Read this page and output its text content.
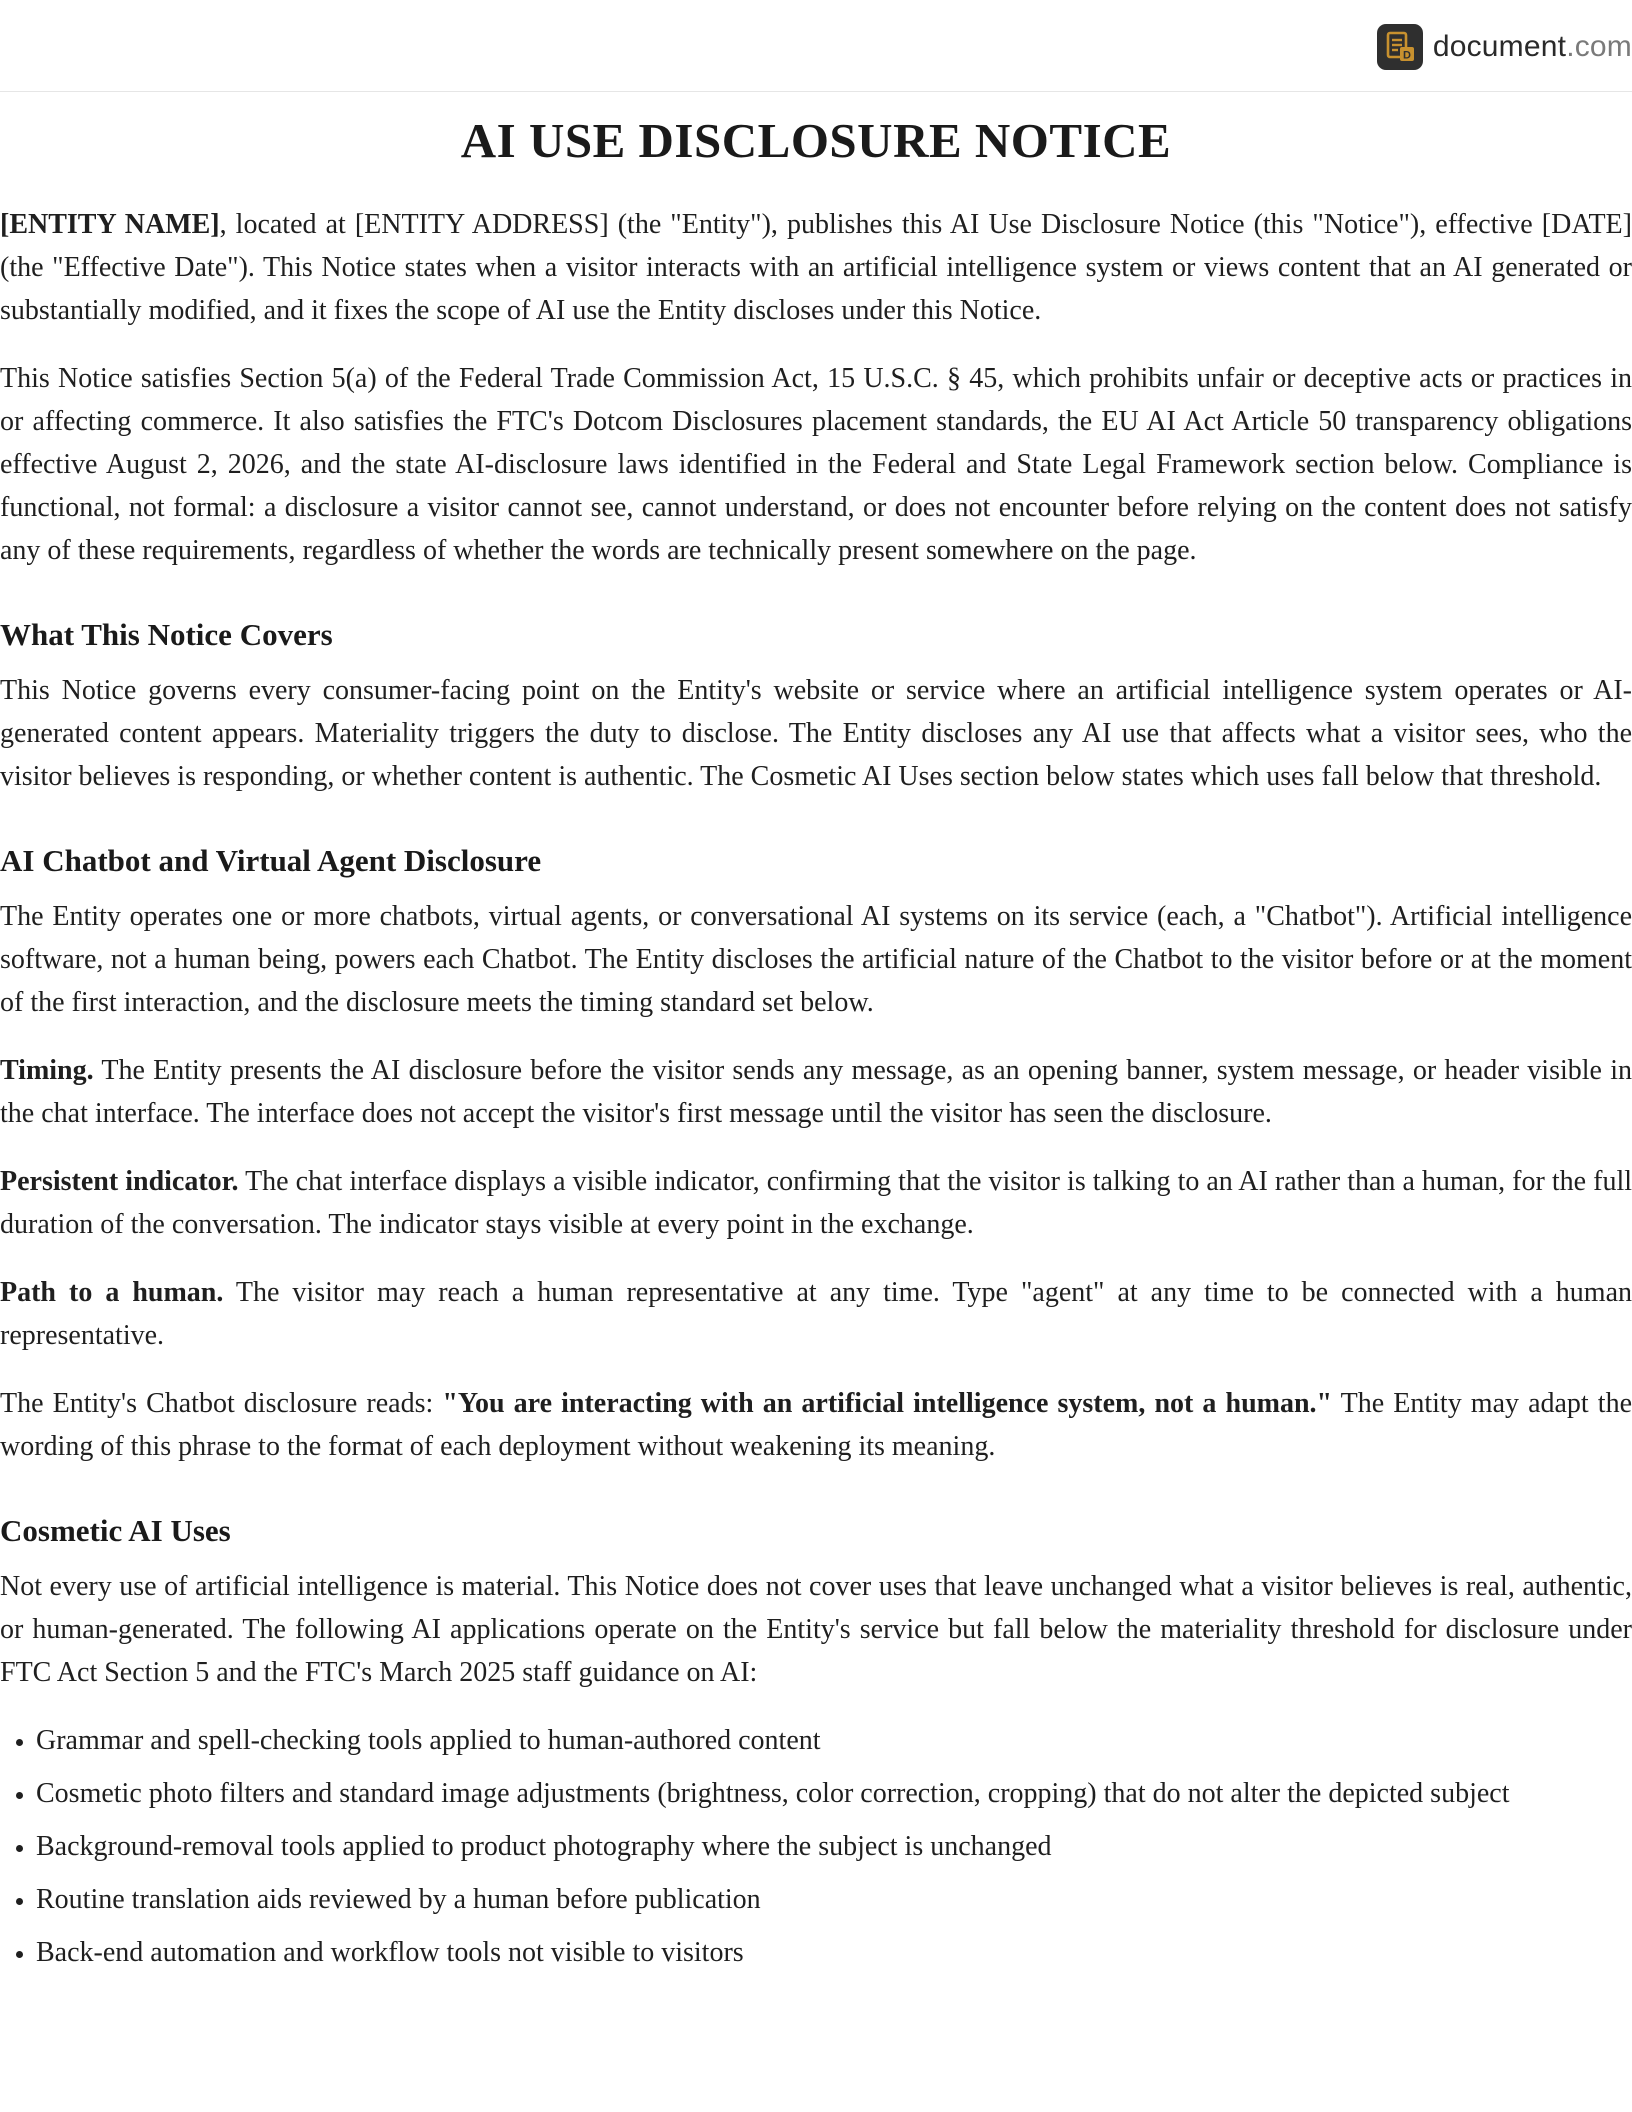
D document.com
AI USE DISCLOSURE NOTICE

[ENTITY NAME], located at [ENTITY ADDRESS] (the "Entity"), publishes this AI Use Disclosure Notice (this "Notice"), effective [DATE] (the "Effective Date"). This Notice states when a visitor interacts with an artificial intelligence system or views content that an AI generated or substantially modified, and it fixes the scope of AI use the Entity discloses under this Notice.

This Notice satisfies Section 5(a) of the Federal Trade Commission Act, 15 U.S.C. § 45, which prohibits unfair or deceptive acts or practices in or affecting commerce. It also satisfies the FTC's Dotcom Disclosures placement standards, the EU AI Act Article 50 transparency obligations effective August 2, 2026, and the state AI-disclosure laws identified in the Federal and State Legal Framework section below. Compliance is functional, not formal: a disclosure a visitor cannot see, cannot understand, or does not encounter before relying on the content does not satisfy any of these requirements, regardless of whether the words are technically present somewhere on the page.

What This Notice Covers

This Notice governs every consumer-facing point on the Entity's website or service where an artificial intelligence system operates or AI-generated content appears. Materiality triggers the duty to disclose. The Entity discloses any AI use that affects what a visitor sees, who the visitor believes is responding, or whether content is authentic. The Cosmetic AI Uses section below states which uses fall below that threshold.

AI Chatbot and Virtual Agent Disclosure

The Entity operates one or more chatbots, virtual agents, or conversational AI systems on its service (each, a "Chatbot"). Artificial intelligence software, not a human being, powers each Chatbot. The Entity discloses the artificial nature of the Chatbot to the visitor before or at the moment of the first interaction, and the disclosure meets the timing standard set below.

Timing. The Entity presents the AI disclosure before the visitor sends any message, as an opening banner, system message, or header visible in the chat interface. The interface does not accept the visitor's first message until the visitor has seen the disclosure.

Persistent indicator. The chat interface displays a visible indicator, confirming that the visitor is talking to an AI rather than a human, for the full duration of the conversation. The indicator stays visible at every point in the exchange.

Path to a human. The visitor may reach a human representative at any time. Type "agent" at any time to be connected with a human representative.

The Entity's Chatbot disclosure reads: "You are interacting with an artificial intelligence system, not a human." The Entity may adapt the wording of this phrase to the format of each deployment without weakening its meaning.

Cosmetic AI Uses

Not every use of artificial intelligence is material. This Notice does not cover uses that leave unchanged what a visitor believes is real, authentic, or human-generated. The following AI applications operate on the Entity's service but fall below the materiality threshold for disclosure under FTC Act Section 5 and the FTC's March 2025 staff guidance on AI:

• Grammar and spell-checking tools applied to human-authored content
• Cosmetic photo filters and standard image adjustments (brightness, color correction, cropping) that do not alter the depicted subject
• Background-removal tools applied to product photography where the subject is unchanged
• Routine translation aids reviewed by a human before publication
• Back-end automation and workflow tools not visible to visitors
